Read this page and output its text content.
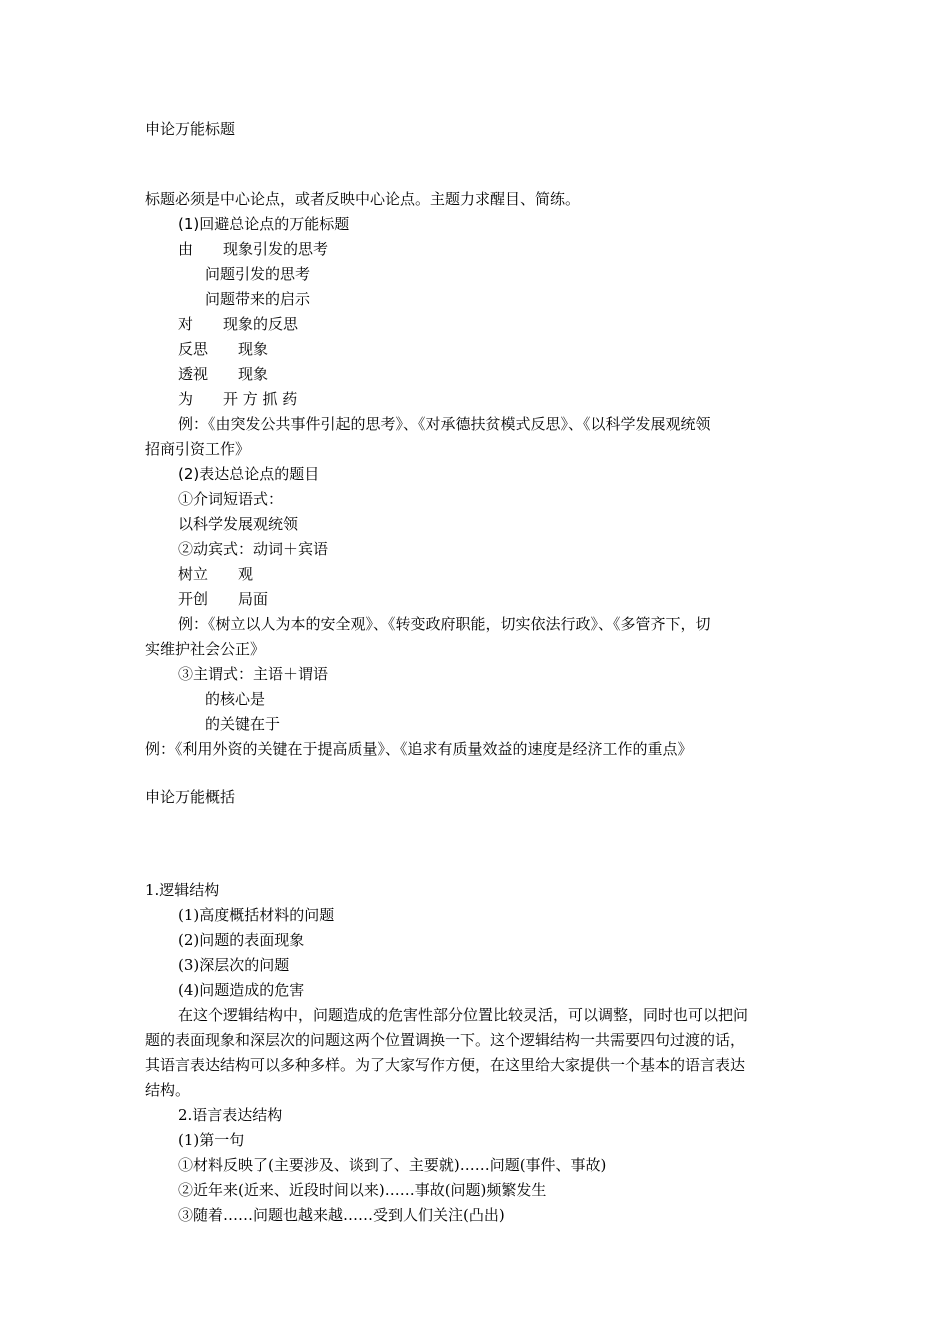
申论万能标题
标题必须是中心论点，或者反映中心论点。主题力求醒目、简练。
(1)回避总论点的万能标题
由　　现象引发的思考
问题引发的思考
问题带来的启示
对　　现象的反思
反思　　现象
透视　　现象
为　　开 方 抓 药
例：《由突发公共事件引起的思考》、《对承德扶贫模式反思》、《以科学发展观统领
招商引资工作》
(2)表达总论点的题目
①介词短语式：
以科学发展观统领
②动宾式：动词＋宾语
树立　　观
开创　　局面
例：《树立以人为本的安全观》、《转变政府职能，切实依法行政》、《多管齐下，切
实维护社会公正》
③主谓式：主语＋谓语
的核心是
的关键在于
例：《利用外资的关键在于提高质量》、《追求有质量效益的速度是经济工作的重点》
申论万能概括
1.逻辑结构
(1)高度概括材料的问题
(2)问题的表面现象
(3)深层次的问题
(4)问题造成的危害
在这个逻辑结构中，问题造成的危害性部分位置比较灵活，可以调整，同时也可以把问
题的表面现象和深层次的问题这两个位置调换一下。这个逻辑结构一共需要四句过渡的话，
其语言表达结构可以多种多样。为了大家写作方便，在这里给大家提供一个基本的语言表达
结构。
2.语言表达结构
(1)第一句
①材料反映了(主要涉及、谈到了、主要就)……问题(事件、事故)
②近年来(近来、近段时间以来)……事故(问题)频繁发生
③随着……问题也越来越……受到人们关注(凸出)
